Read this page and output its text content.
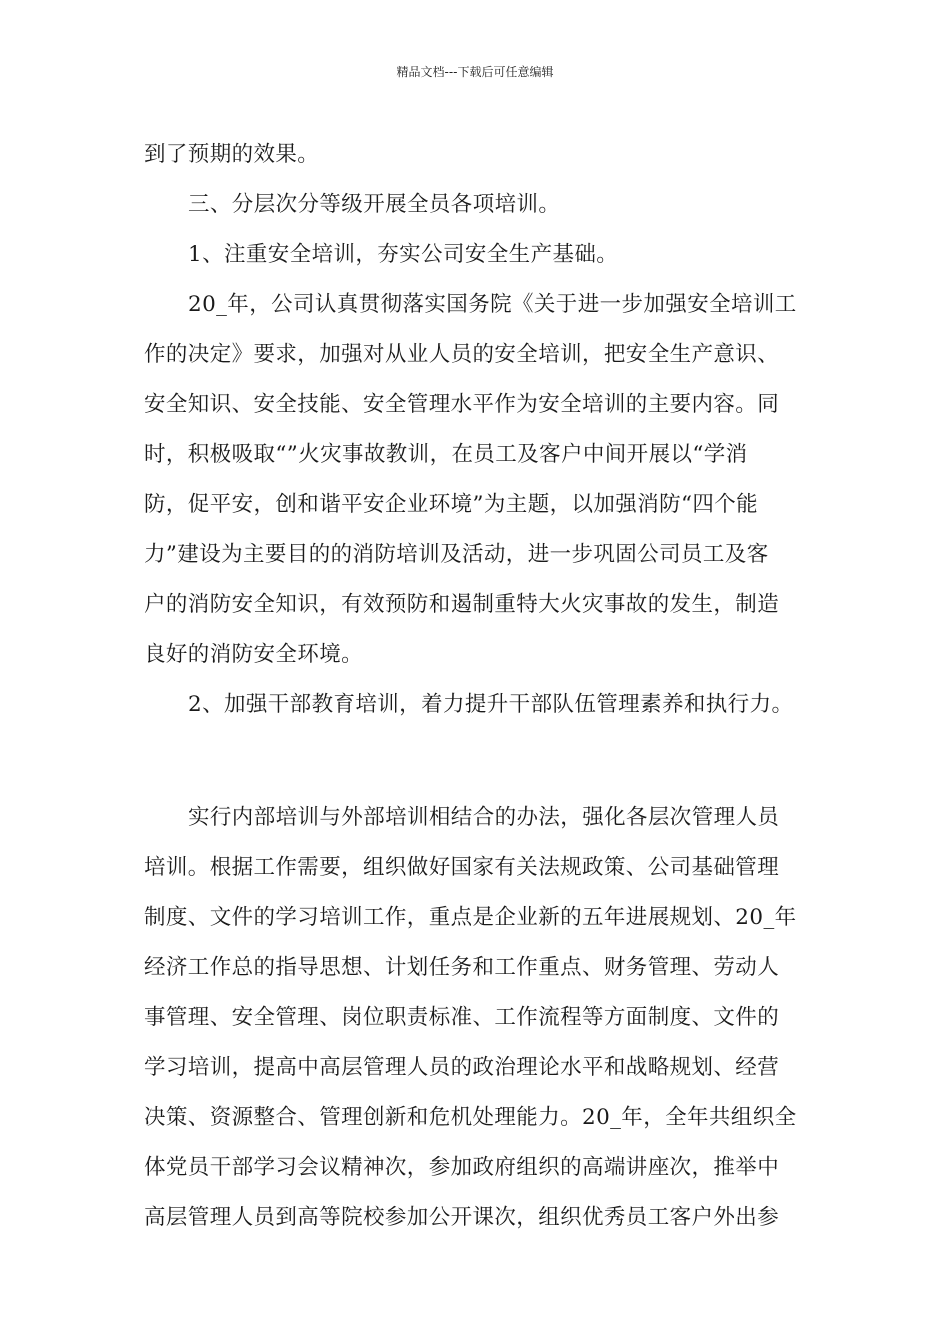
精品文档---下载后可任意编辑
到了预期的效果。
三、分层次分等级开展全员各项培训。
1、注重安全培训，夯实公司安全生产基础。
20_年，公司认真贯彻落实国务院《关于进一步加强安全培训工
作的决定》要求，加强对从业人员的安全培训，把安全生产意识、
安全知识、安全技能、安全管理水平作为安全培训的主要内容。同
时，积极吸取“”火灾事故教训，在员工及客户中间开展以“学消
防，促平安，创和谐平安企业环境”为主题，以加强消防“四个能
力”建设为主要目的的消防培训及活动，进一步巩固公司员工及客
户的消防安全知识，有效预防和遏制重特大火灾事故的发生，制造
良好的消防安全环境。
2、加强干部教育培训，着力提升干部队伍管理素养和执行力。
实行内部培训与外部培训相结合的办法，强化各层次管理人员
培训。根据工作需要，组织做好国家有关法规政策、公司基础管理
制度、文件的学习培训工作，重点是企业新的五年进展规划、20_年
经济工作总的指导思想、计划任务和工作重点、财务管理、劳动人
事管理、安全管理、岗位职责标准、工作流程等方面制度、文件的
学习培训，提高中高层管理人员的政治理论水平和战略规划、经营
决策、资源整合、管理创新和危机处理能力。20_年，全年共组织全
体党员干部学习会议精神次，参加政府组织的高端讲座次，推举中
高层管理人员到高等院校参加公开课次，组织优秀员工客户外出参
